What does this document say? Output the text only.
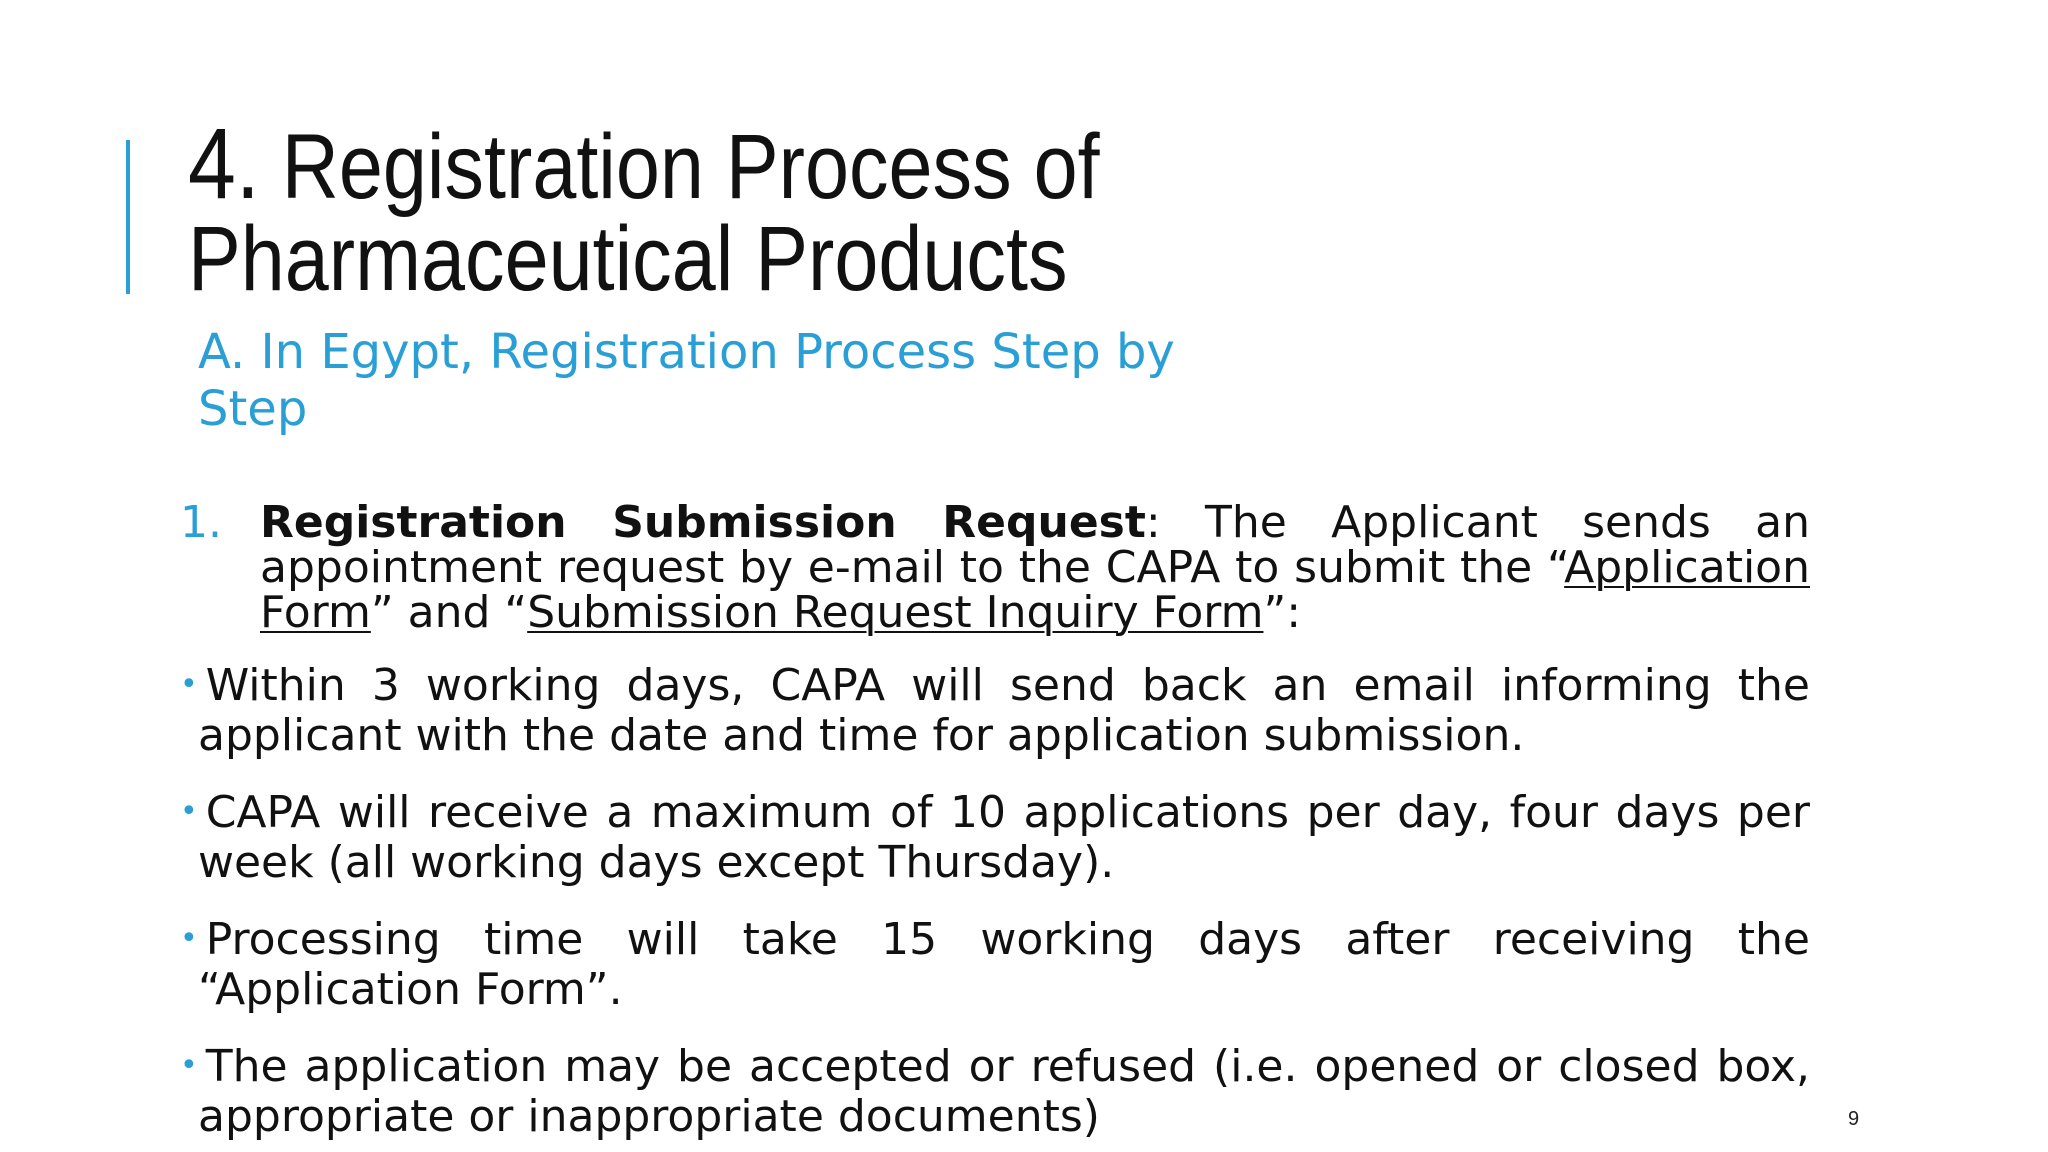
4. Registration Process of Pharmaceutical Products
A. In Egypt, Registration Process Step by Step

1. Registration Submission Request: The Applicant sends an appointment request by e-mail to the CAPA to submit the “Application Form” and “Submission Request Inquiry Form”:

• Within 3 working days, CAPA will send back an email informing the applicant with the date and time for application submission.

• CAPA will receive a maximum of 10 applications per day, four days per week (all working days except Thursday).

• Processing time will take 15 working days after receiving the “Application Form”.

• The application may be accepted or refused (i.e. opened or closed box, appropriate or inappropriate documents)	9
